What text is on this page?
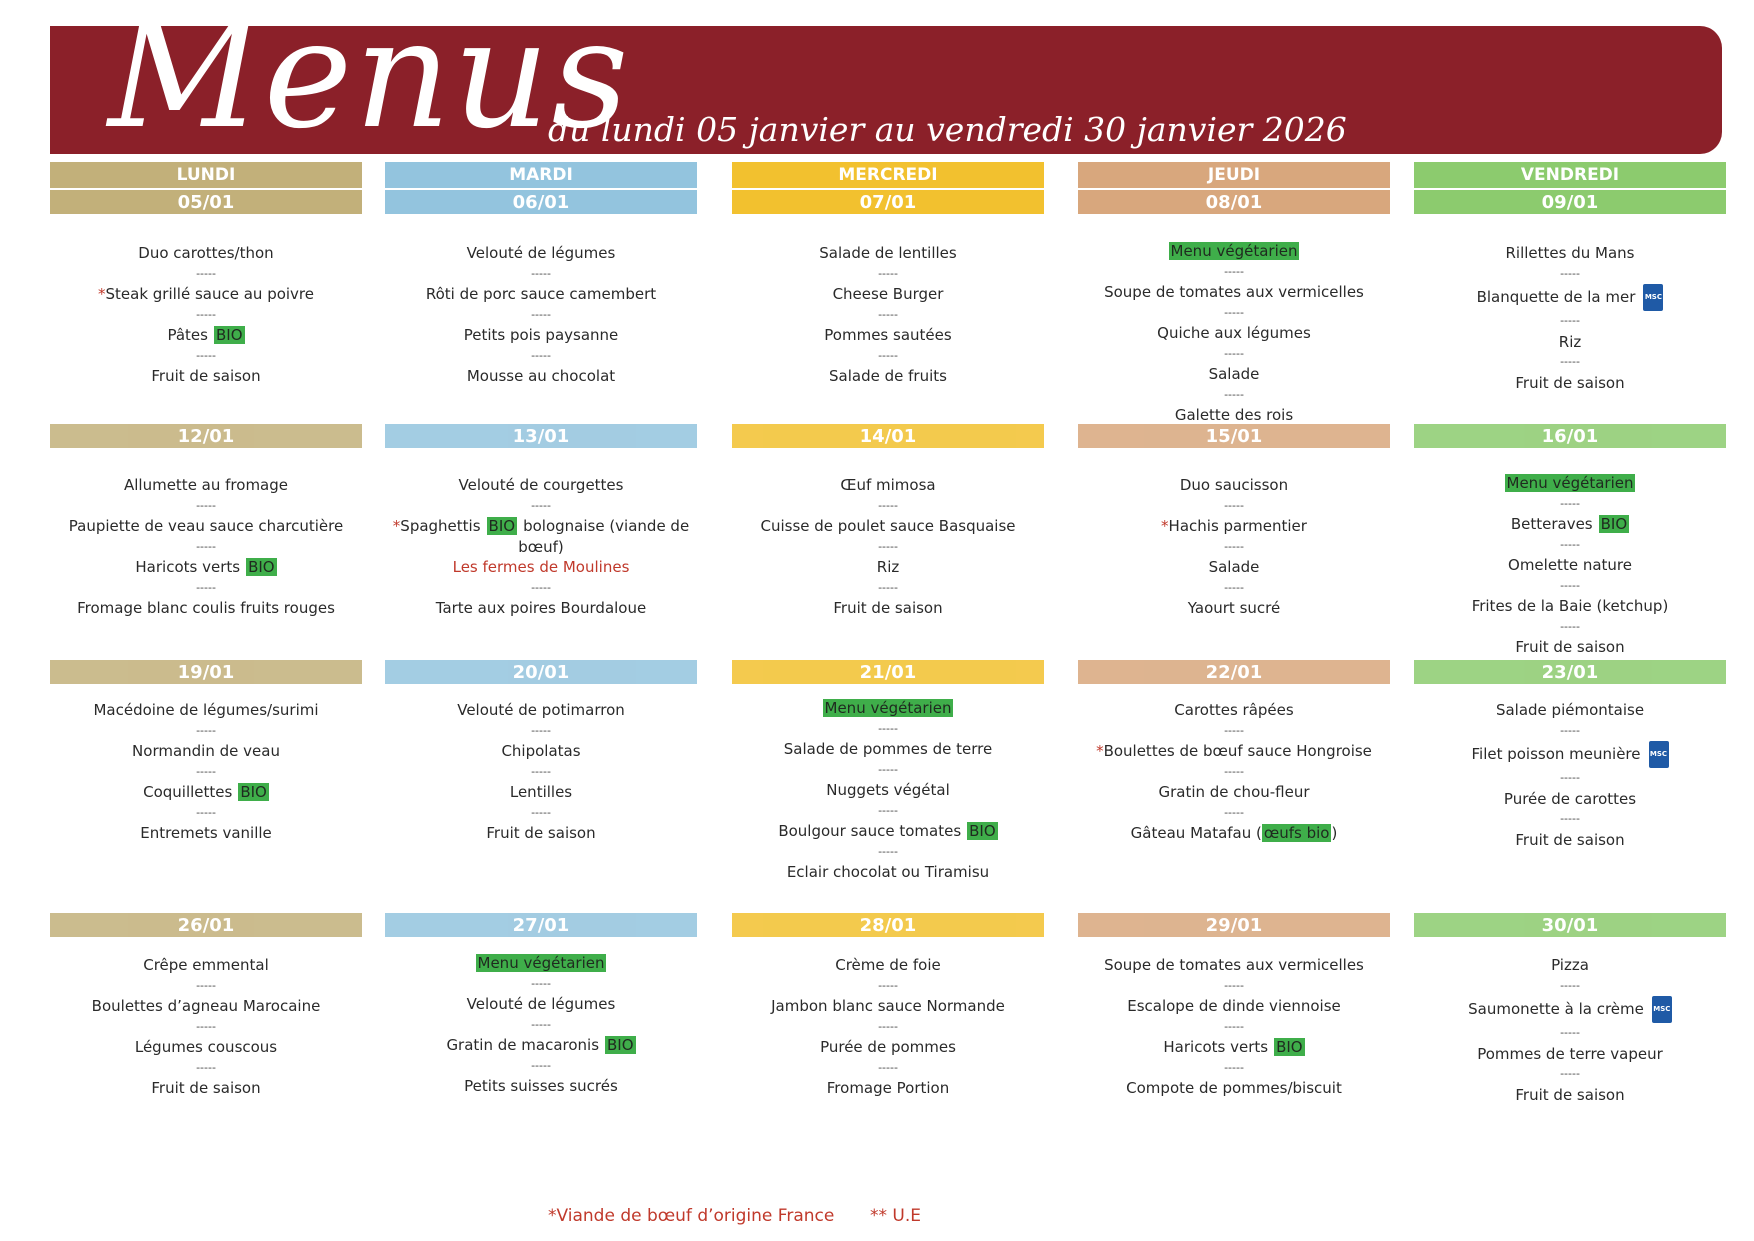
Menus
du lundi 05 janvier au vendredi 30 janvier 2026
LUNDI
05/01
Duo carottes/thon
-----
*Steak grillé sauce au poivre
-----
Pâtes BIO
-----
Fruit de saison
12/01
Allumette au fromage
-----
Paupiette de veau sauce charcutière
-----
Haricots verts BIO
-----
Fromage blanc coulis fruits rouges
19/01
Macédoine de légumes/surimi
-----
Normandin de veau
-----
Coquillettes BIO
-----
Entremets vanille
26/01
Crêpe emmental
-----
Boulettes d’agneau Marocaine
-----
Légumes couscous
-----
Fruit de saison
MARDI
06/01
Velouté de légumes
-----
Rôti de porc sauce camembert
-----
Petits pois paysanne
-----
Mousse au chocolat
13/01
Velouté de courgettes
-----
*Spaghettis BIO bolognaise (viande de bœuf)
Les fermes de Moulines
-----
Tarte aux poires Bourdaloue
20/01
Velouté de potimarron
-----
Chipolatas
-----
Lentilles
-----
Fruit de saison
27/01
Menu végétarien
-----
Velouté de légumes
-----
Gratin de macaronis BIO
-----
Petits suisses sucrés
MERCREDI
07/01
Salade de lentilles
-----
Cheese Burger
-----
Pommes sautées
-----
Salade de fruits
14/01
Œuf mimosa
-----
Cuisse de poulet sauce Basquaise
-----
Riz
-----
Fruit de saison
21/01
Menu végétarien
-----
Salade de pommes de terre
-----
Nuggets végétal
-----
Boulgour sauce tomates BIO
-----
Eclair chocolat ou Tiramisu
28/01
Crème de foie
-----
Jambon blanc sauce Normande
-----
Purée de pommes
-----
Fromage Portion
JEUDI
08/01
Menu végétarien
-----
Soupe de tomates aux vermicelles
-----
Quiche aux légumes
-----
Salade
-----
Galette des rois
15/01
Duo saucisson
-----
*Hachis parmentier
-----
Salade
-----
Yaourt sucré
22/01
Carottes râpées
-----
*Boulettes de bœuf sauce Hongroise
-----
Gratin de chou-fleur
-----
Gâteau Matafau ( œufs bio )
29/01
Soupe de tomates aux vermicelles
-----
Escalope de dinde viennoise
-----
Haricots verts BIO
-----
Compote de pommes/biscuit
VENDREDI
09/01
Rillettes du Mans
-----
Blanquette de la mer MSC
-----
Riz
-----
Fruit de saison
16/01
Menu végétarien
-----
Betteraves BIO
-----
Omelette nature
-----
Frites de la Baie (ketchup)
-----
Fruit de saison
23/01
Salade piémontaise
-----
Filet poisson meunière MSC
-----
Purée de carottes
-----
Fruit de saison
30/01
Pizza
-----
Saumonette à la crème MSC
-----
Pommes de terre vapeur
-----
Fruit de saison
*Viande de bœuf d’origine France ** U.E
